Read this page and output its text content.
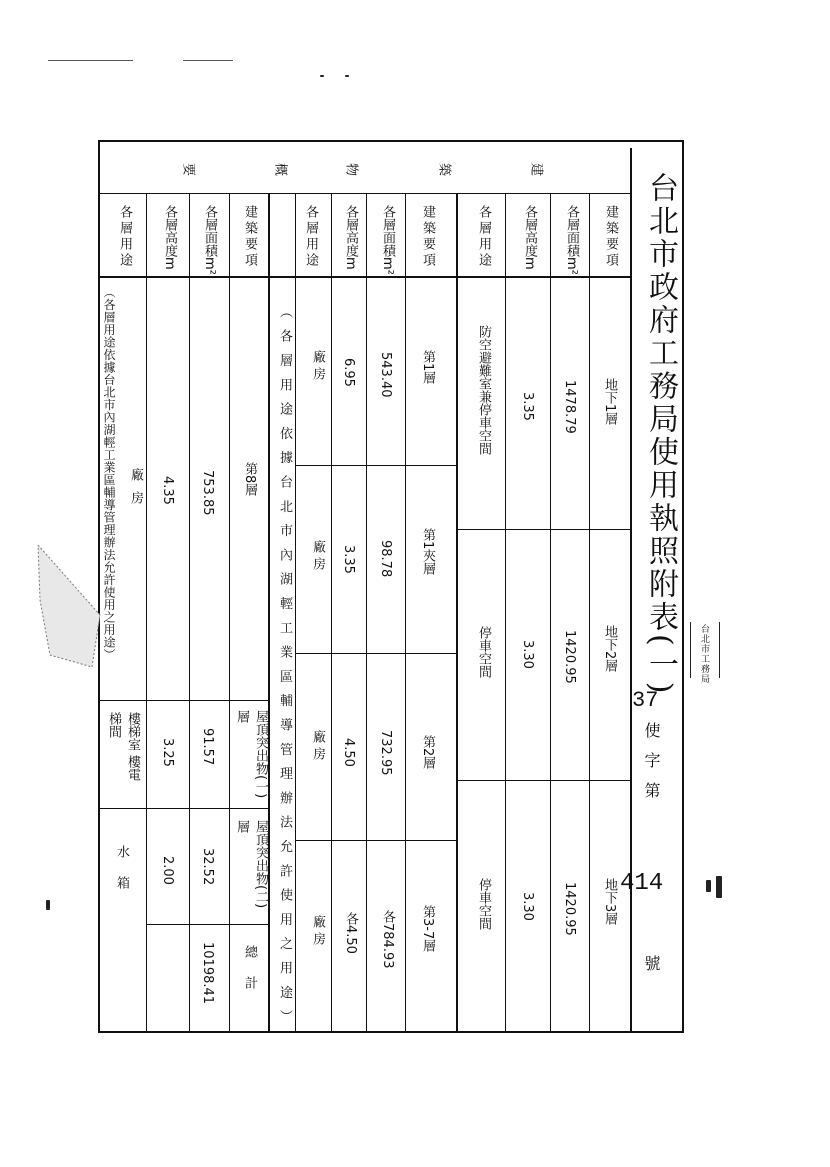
台北市政府工務局使用執照附表(一)
37
使字第
414
號
台北市工務局
建
築
物
概
要
建築要項
各層面積m²
各層高度m
各層用途
建築要項
各層面積m²
各層高度m
各層用途
建築要項
各層面積m²
各層高度m
各層用途
地下1層
1478.79
3.35
防空避難室兼停車空間
地下2層
1420.95
3.30
停車空間
地下3層
1420.95
3.30
停車空間
第1層
543.40
6.95
廠房
第1夾層
98.78
3.35
廠房
第2層
732.95
4.50
廠房
第3-7層
各784.93
各4.50
廠房
（各層用途依據台北市內湖輕工業區輔導管理辦法允許使用之用途）
第8層
753.85
4.35
廠房
屋頂突出物(一)層
91.57
3.25
屋頂突出物(二)層
32.52
2.00
總計
10198.41
樓梯室 樓電梯間
水箱
（各層用途依據台北市內湖輕工業區輔導管理辦法允許使用之用途）
